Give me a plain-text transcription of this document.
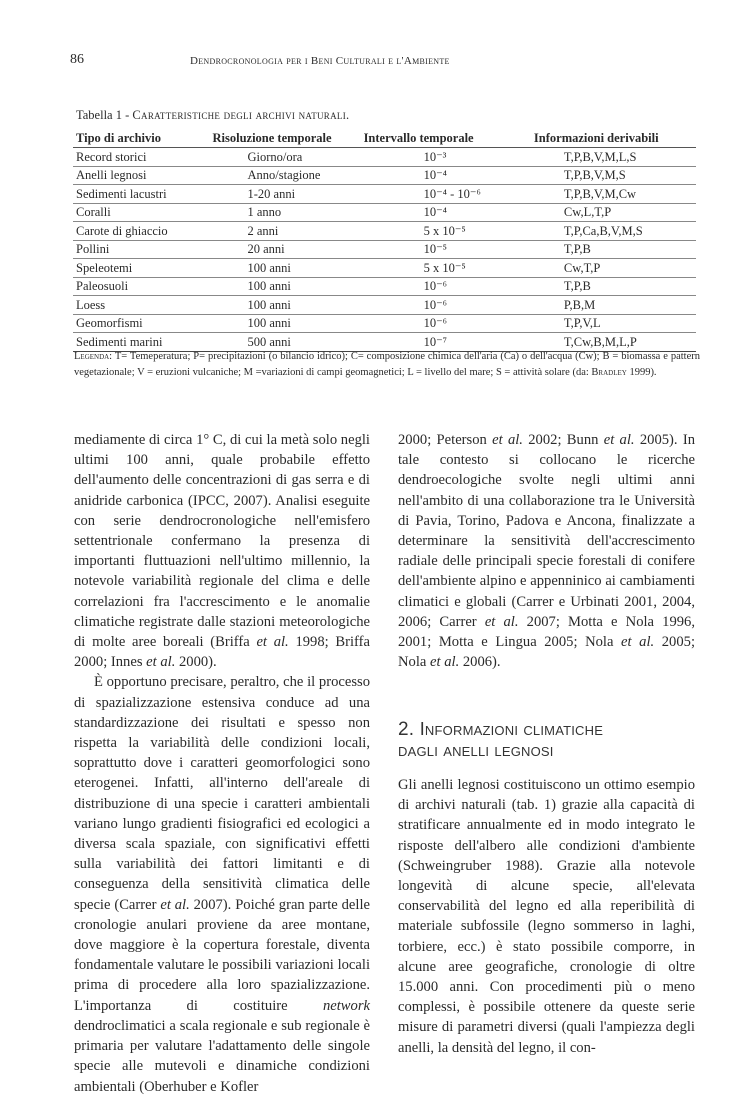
86	Dendrocronologia per i Beni Culturali e l'Ambiente
Tabella 1 - Caratteristiche degli archivi naturali.
Tipo di archivio	Risoluzione temporale	Intervallo temporale	Informazioni derivabili
Record storici	Giorno/ora	10⁻³	T,P,B,V,M,L,S
Anelli legnosi	Anno/stagione	10⁻⁴	T,P,B,V,M,S
Sedimenti lacustri	1-20 anni	10⁻⁴ - 10⁻⁶	T,P,B,V,M,Cw
Coralli	1 anno	10⁻⁴	Cw,L,T,P
Carote di ghiaccio	2 anni	5 x 10⁻⁵	T,P,Ca,B,V,M,S
Pollini	20 anni	10⁻⁵	T,P,B
Speleotemi	100 anni	5 x 10⁻⁵	Cw,T,P
Paleosuoli	100 anni	10⁻⁶	T,P,B
Loess	100 anni	10⁻⁶	P,B,M
Geomorfismi	100 anni	10⁻⁶	T,P,V,L
Sedimenti marini	500 anni	10⁻⁷	T,Cw,B,M,L,P
Legenda: T= Temeperatura; P= precipitazioni (o bilancio idrico); C= composizione chimica dell'aria (Ca) o dell'acqua (Cw); B = biomassa e pattern vegetazionale; V = eruzioni vulcaniche; M =variazioni di campi geomagnetici; L = livello del mare; S = attività solare (da: Bradley 1999).

mediamente di circa 1° C, di cui la metà solo negli ultimi 100 anni, quale probabile effetto dell'aumento delle concentrazioni di gas serra e di anidride carbonica (IPCC, 2007). Analisi eseguite con serie dendrocronologiche nell'emisfero settentrionale confermano la presenza di importanti fluttuazioni nell'ultimo millennio, la notevole variabilità regionale del clima e delle correlazioni fra l'accrescimento e le anomalie climatiche registrate dalle stazioni meteorologiche di molte aree boreali (Briffa et al. 1998; Briffa 2000; Innes et al. 2000).

È opportuno precisare, peraltro, che il processo di spazializzazione estensiva conduce ad una standardizzazione dei risultati e spesso non rispetta la variabilità delle condizioni locali, soprattutto dove i caratteri geomorfologici sono eterogenei. Infatti, all'interno dell'areale di distribuzione di una specie i caratteri ambientali variano lungo gradienti fisiografici ed ecologici a diversa scala spaziale, con significativi effetti sulla variabilità dei fattori limitanti e di conseguenza della sensitività climatica delle specie (Carrer et al. 2007). Poiché gran parte delle cronologie anulari proviene da aree montane, dove maggiore è la copertura forestale, diventa fondamentale valutare le possibili variazioni locali prima di procedere alla loro spazializzazione. L'importanza di costituire network dendroclimatici a scala regionale e sub regionale è primaria per valutare l'adattamento delle singole specie alle mutevoli e dinamiche condizioni ambientali (Oberhuber e Kofler

2000; Peterson et al. 2002; Bunn et al. 2005). In tale contesto si collocano le ricerche dendroecologiche svolte negli ultimi anni nell'ambito di una collaborazione tra le Università di Pavia, Torino, Padova e Ancona, finalizzate a determinare la sensitività dell'accrescimento radiale delle principali specie forestali di conifere dell'ambiente alpino e appenninico ai cambiamenti climatici e globali (Carrer e Urbinati 2001, 2004, 2006; Carrer et al. 2007; Motta e Nola 1996, 2001; Motta e Lingua 2005; Nola et al. 2005; Nola et al. 2006).

2. Informazioni climatiche
dagli anelli legnosi

Gli anelli legnosi costituiscono un ottimo esempio di archivi naturali (tab. 1) grazie alla capacità di stratificare annualmente ed in modo integrato le risposte dell'albero alle condizioni d'ambiente (Schweingruber 1988). Grazie alla notevole longevità di alcune specie, all'elevata conservabilità del legno ed alla reperibilità di materiale subfossile (legno sommerso in laghi, torbiere, ecc.) è stato possibile comporre, in alcune aree geografiche, cronologie di oltre 15.000 anni. Con procedimenti più o meno complessi, è possibile ottenere da queste serie misure di parametri diversi (quali l'ampiezza degli anelli, la densità del legno, il con-
